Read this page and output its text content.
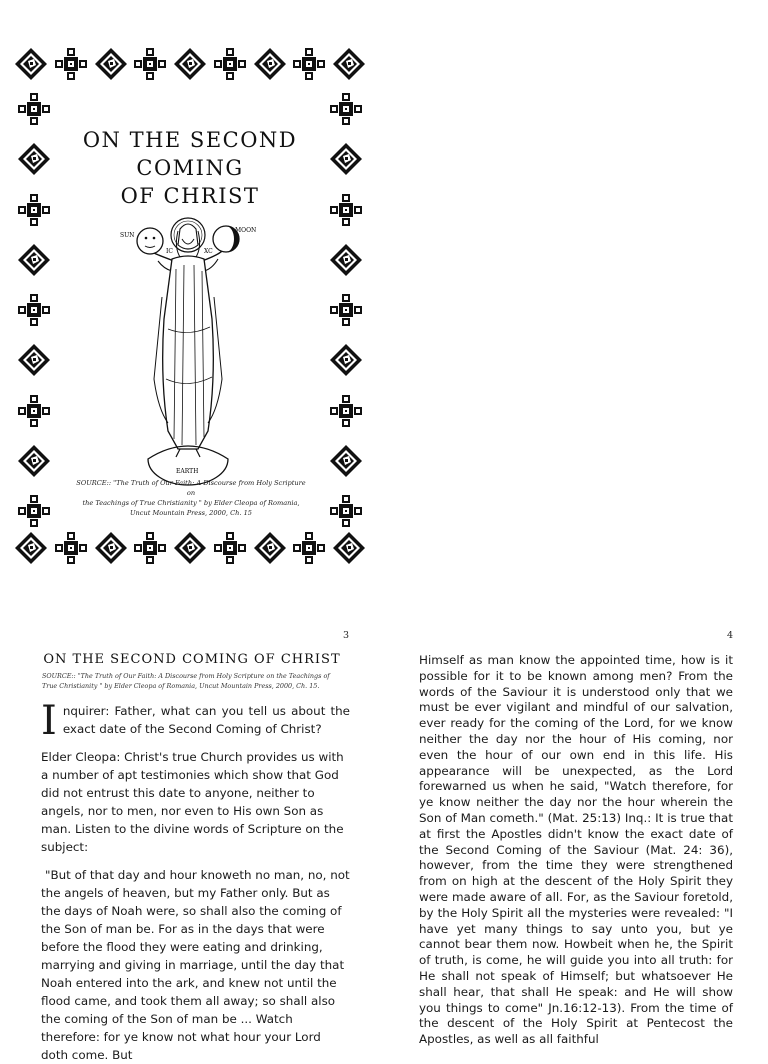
ON THE SECOND COMING
OF CHRIST
SUN
MOON
IC	XC
EARTH
SOURCE:: "The Truth of Our Faith: A Discourse from Holy Scripture on
the Teachings of True Christianity " by Elder Cleopa of Romania,
Uncut Mountain Press, 2000, Ch. 15
3
ON THE SECOND COMING OF CHRIST
SOURCE:: "The Truth of Our Faith: A Discourse from Holy Scripture on the Teachings of True Christianity " by Elder Cleopa of Romania, Uncut Mountain Press, 2000, Ch. 15.

Inquirer: Father, what can you tell us about the exact date of the Second Coming of Christ?

Elder Cleopa: Christ's true Church provides us with a number of apt testimonies which show that God did not entrust this date to anyone, neither to angels, nor to men, nor even to His own Son as man. Listen to the divine words of Scripture on the subject:

"But of that day and hour knoweth no man, no, not the angels of heaven, but my Father only. But as the days of Noah were, so shall also the coming of the Son of man be. For as in the days that were before the flood they were eating and drinking, marrying and giving in marriage, until the day that Noah entered into the ark, and knew not until the flood came, and took them all away; so shall also the coming of the Son of man be ... Watch therefore: for ye know not what hour your Lord doth come. But

4

Himself as man know the appointed time, how is it possible for it to be known among men? From the words of the Saviour it is understood only that we must be ever vigilant and mindful of our salvation, ever ready for the coming of the Lord, for we know neither the day nor the hour of His coming, nor even the hour of our own end in this life. His appearance will be unexpected, as the Lord forewarned us when he said, "Watch therefore, for ye know neither the day nor the hour wherein the Son of Man cometh." (Mat. 25:13) Inq.: It is true that at first the Apostles didn't know the exact date of the Second Coming of the Saviour (Mat. 24: 36), however, from the time they were strengthened from on high at the descent of the Holy Spirit they were made aware of all. For, as the Saviour foretold, by the Holy Spirit all the mysteries were revealed: "I have yet many things to say unto you, but ye cannot bear them now. Howbeit when he, the Spirit of truth, is come, he will guide you into all truth: for He shall not speak of Himself; but whatsoever He shall hear, that shall He speak: and He will show you things to come" Jn.16:12-13). From the time of the descent of the Holy Spirit at Pentecost the Apostles, as well as all faithful
